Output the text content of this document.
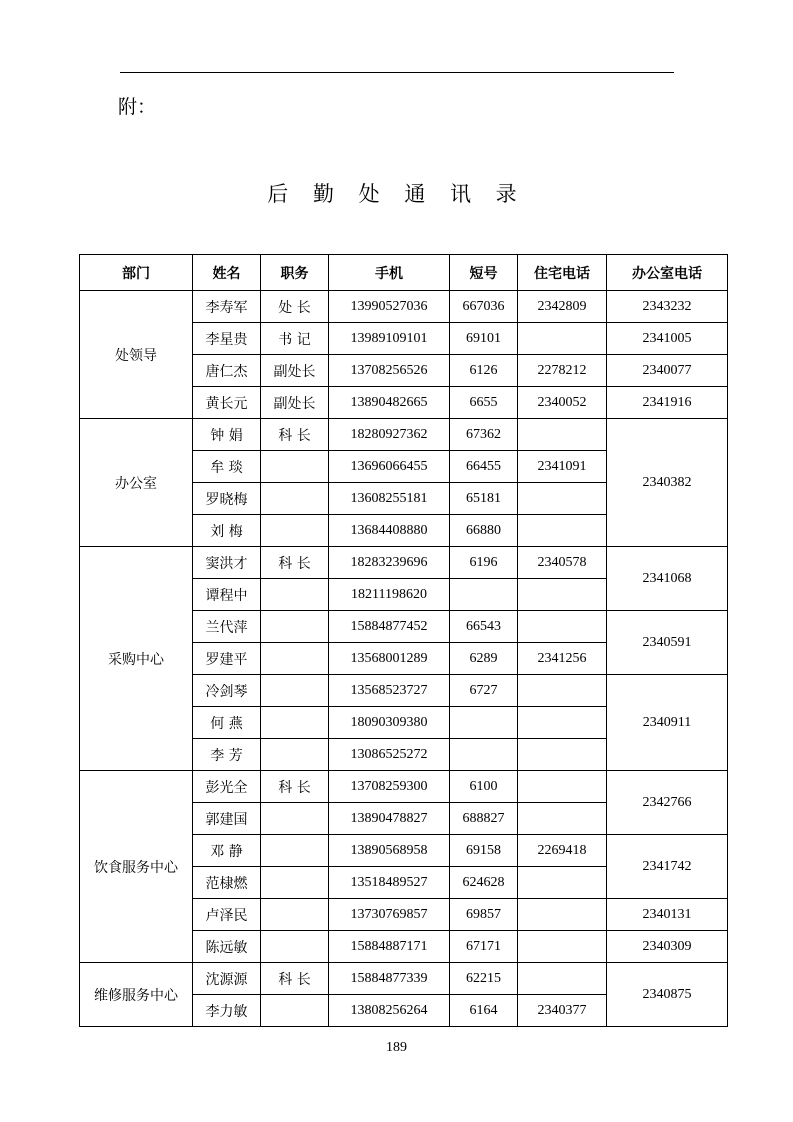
附：
后 勤 处 通 讯 录
部门	姓名	职务	手机	短号	住宅电话	办公室电话
处领导	李寿军	处 长	13990527036	667036	2342809	2343232
	李星贵	书 记	13989109101	69101		2341005
	唐仁杰	副处长	13708256526	6126	2278212	2340077
	黄长元	副处长	13890482665	6655	2340052	2341916
办公室	钟 娟	科 长	18280927362	67362		2340382
	牟 琰		13696066455	66455	2341091	
	罗晓梅		13608255181	65181		
	刘 梅		13684408880	66880		
采购中心	窦洪才	科 长	18283239696	6196	2340578	2341068
	谭程中		18211198620			
	兰代萍		15884877452	66543		2340591
	罗建平		13568001289	6289	2341256	
	冷剑琴		13568523727	6727		2340911
	何 燕		18090309380			
	李 芳		13086525272			
饮食服务中心	彭光全	科 长	13708259300	6100		2342766
	郭建国		13890478827	688827		
	邓 静		13890568958	69158	2269418	2341742
	范棣燃		13518489527	624628		
	卢泽民		13730769857	69857		2340131
	陈远敏		15884887171	67171		2340309
维修服务中心	沈源源	科 长	15884877339	62215		2340875
	李力敏		13808256264	6164	2340377	
189
